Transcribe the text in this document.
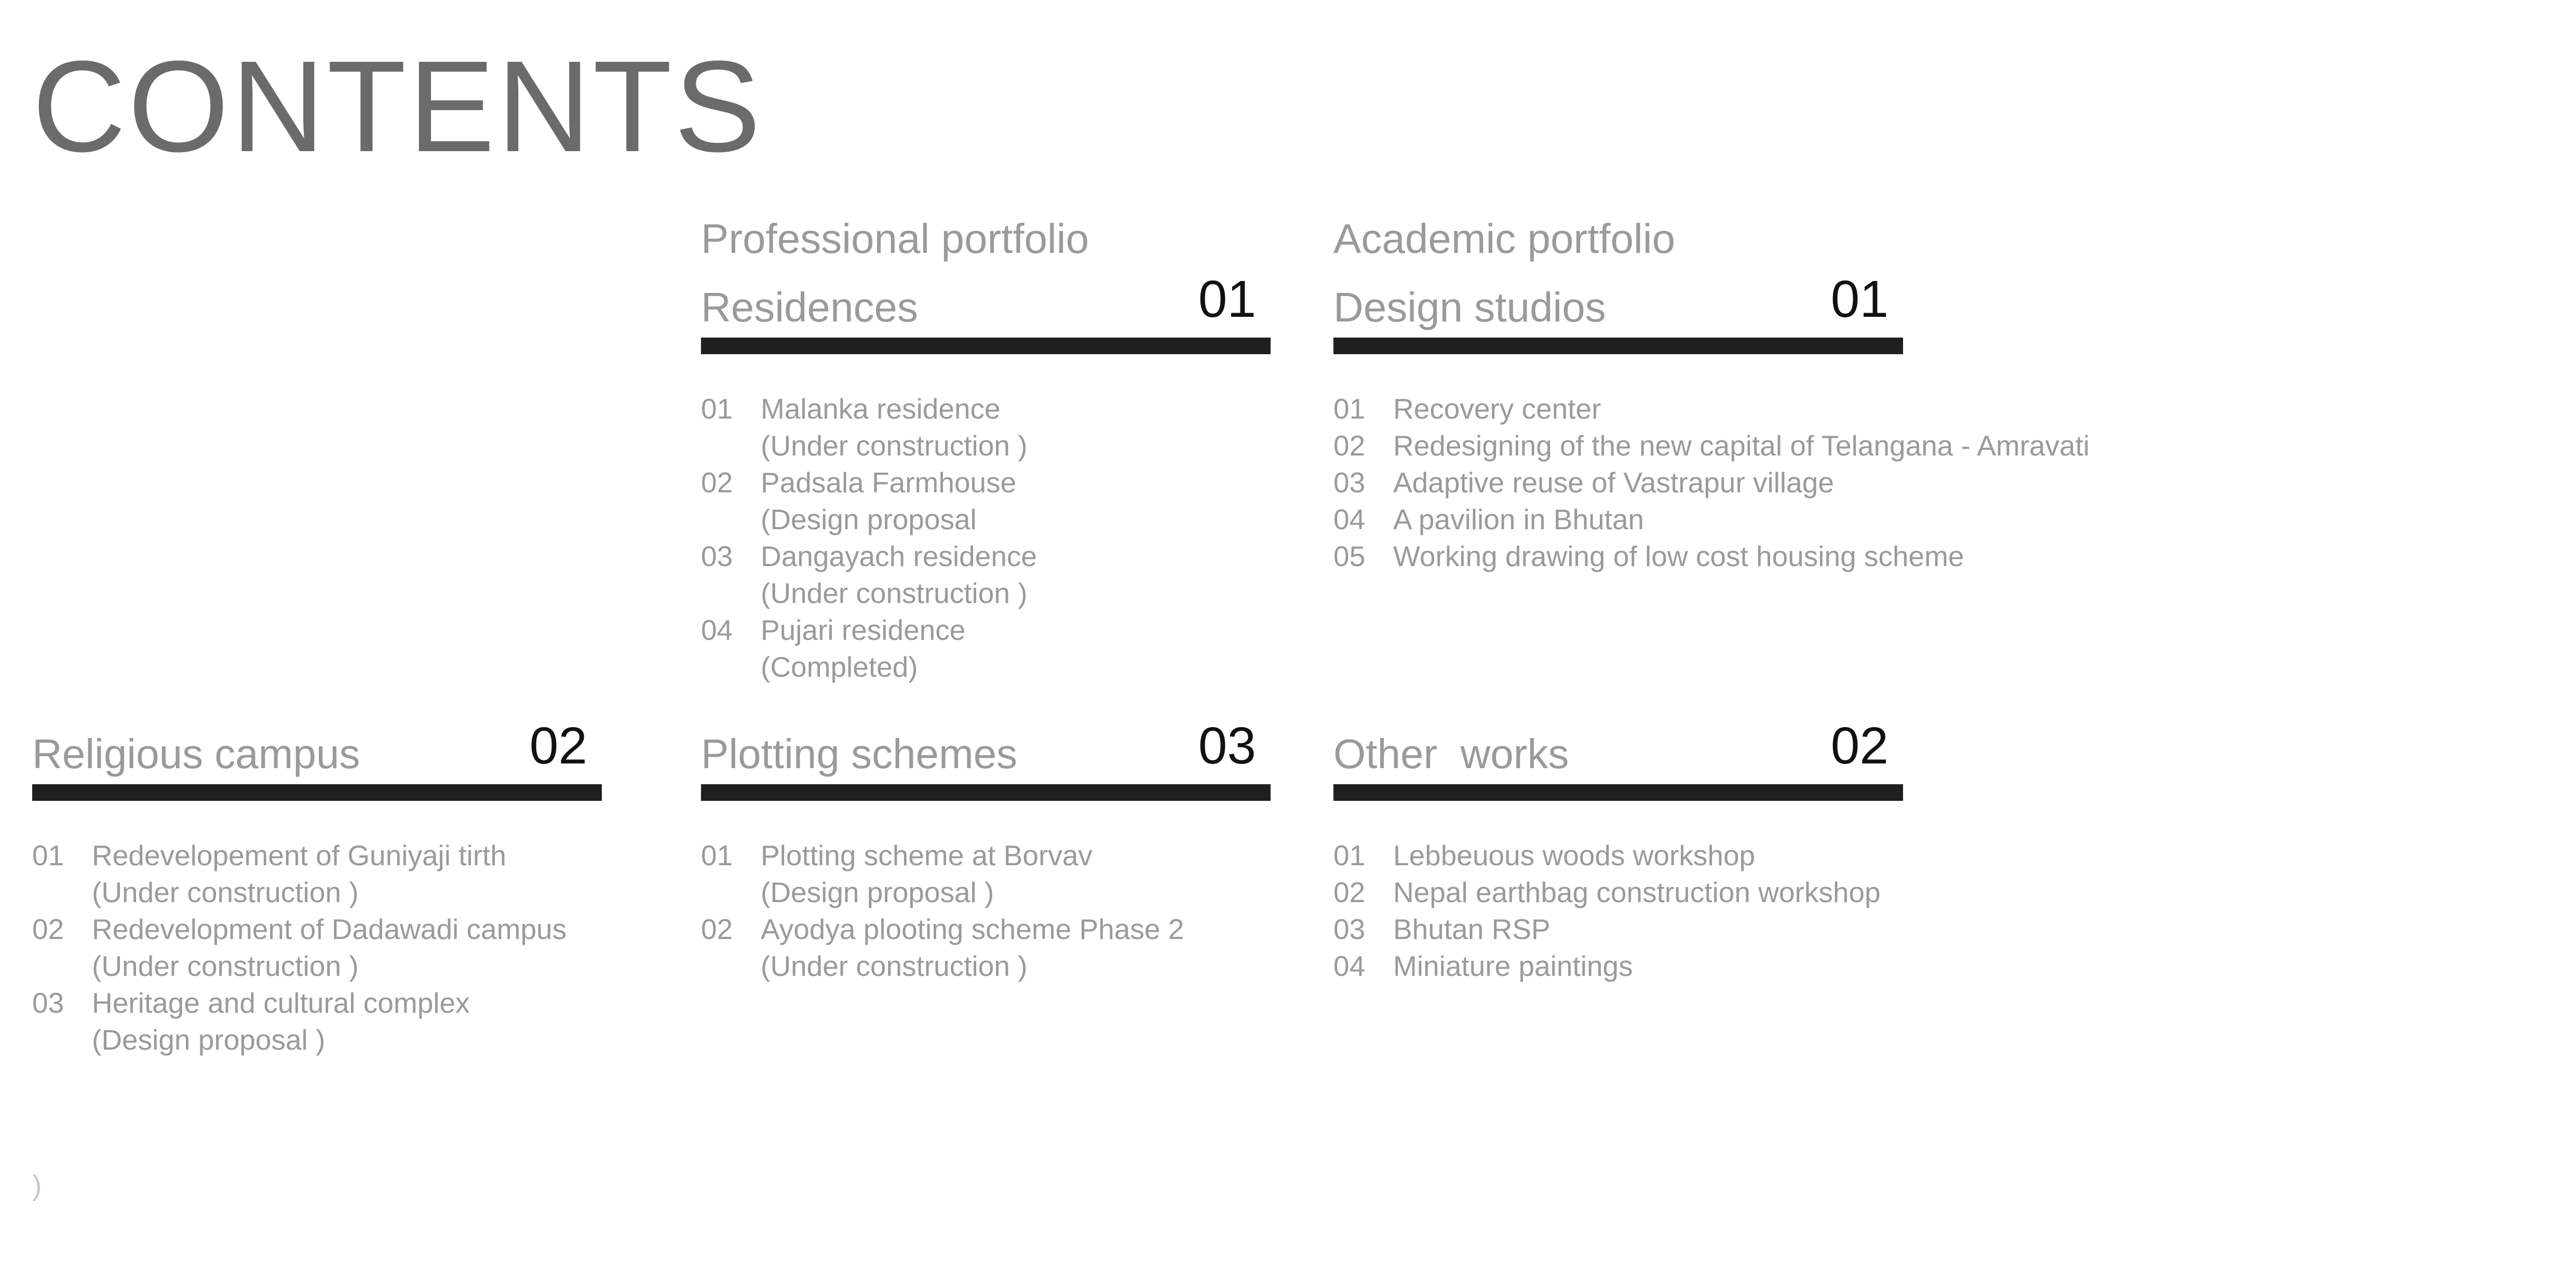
CONTENTS

Professional portfolio	Academic portfolio

Residences	01
01 Malanka residence
(Under construction )
02 Padsala Farmhouse
(Design proposal
03 Dangayach residence
(Under construction )
04 Pujari residence
(Completed)
Design studios	01
01 Recovery center
02 Redesigning of the new capital of Telangana - Amravati
03 Adaptive reuse of Vastrapur village
04 A pavilion in Bhutan
05 Working drawing of low cost housing scheme
Religious campus	02
01 Redevelopement of Guniyaji tirth
(Under construction )
02 Redevelopment of Dadawadi campus
(Under construction )
03 Heritage and cultural complex
(Design proposal )
Plotting schemes	03
01 Plotting scheme at Borvav
(Design proposal )
02 Ayodya plooting scheme Phase 2
(Under construction )
Other  works	02
01 Lebbeuous woods workshop
02 Nepal earthbag construction workshop
03 Bhutan RSP
04 Miniature paintings
)
